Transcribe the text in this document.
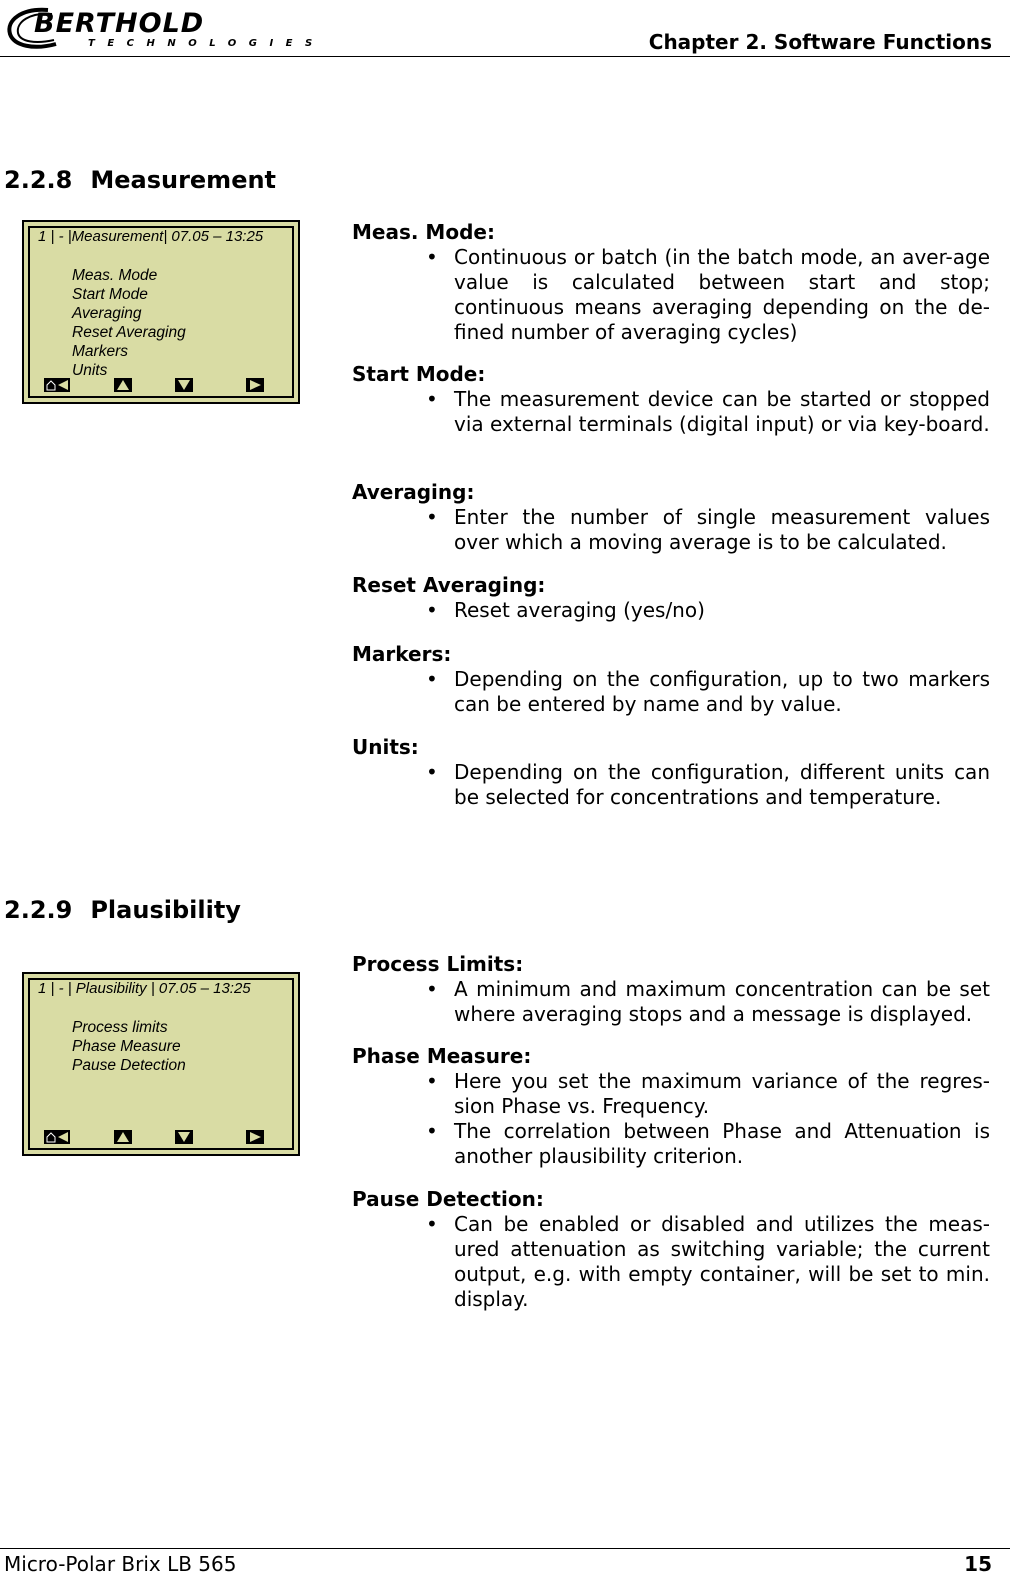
BERTHOLD
TECHNOLOGIES	Chapter 2. Software Functions
2.2.8 Measurement
1 | - |Measurement| 07.05 – 13:25
Meas. Mode
Start Mode
Averaging
Reset Averaging
Markers
Units
Meas. Mode:
• Continuous or batch (in the batch mode, an aver-age value is calculated between start and stop; continuous means averaging depending on the de-fined number of averaging cycles)
Start Mode:
• The measurement device can be started or stopped via external terminals (digital input) or via key-board.
Averaging:
• Enter the number of single measurement values over which a moving average is to be calculated.
Reset Averaging:
• Reset averaging (yes/no)
Markers:
• Depending on the configuration, up to two markers can be entered by name and by value.
Units:
• Depending on the configuration, different units can be selected for concentrations and temperature.
2.2.9 Plausibility
1 | - | Plausibility | 07.05 – 13:25
Process limits
Phase Measure
Pause Detection
Process Limits:
• A minimum and maximum concentration can be set where averaging stops and a message is displayed.
Phase Measure:
• Here you set the maximum variance of the regres-sion Phase vs. Frequency.
• The correlation between Phase and Attenuation is another plausibility criterion.
Pause Detection:
• Can be enabled or disabled and utilizes the meas-ured attenuation as switching variable; the current output, e.g. with empty container, will be set to min. display.
Micro-Polar Brix LB 565	15
